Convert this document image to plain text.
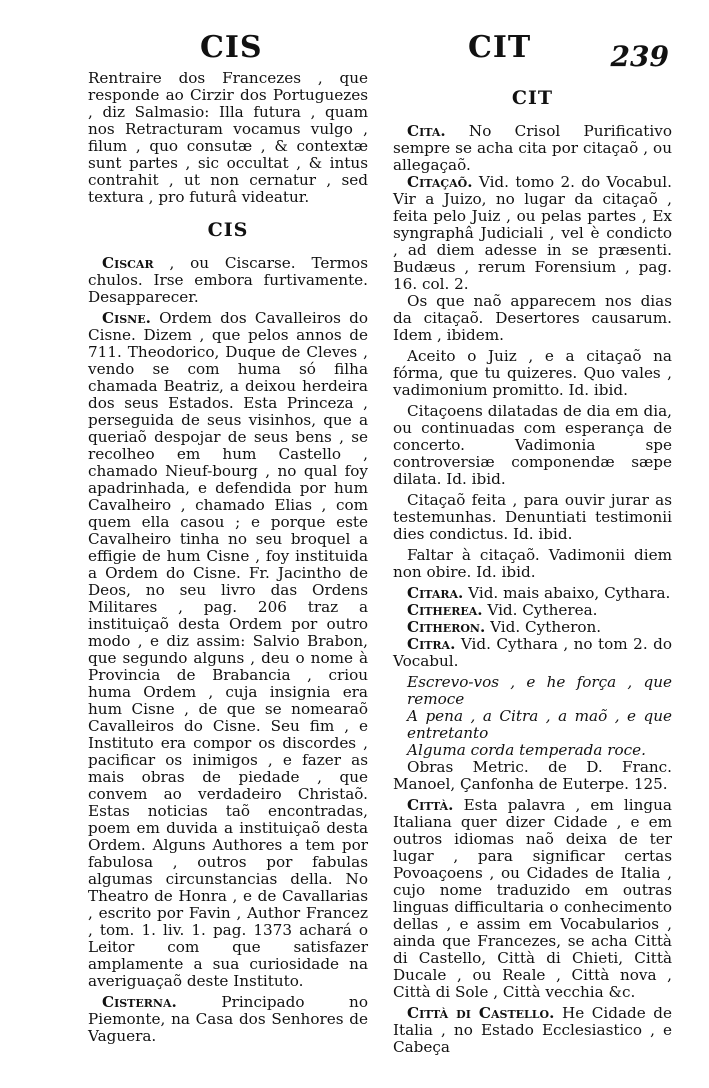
CIS	CIT	239

Rentraire dos Francezes , que responde ao Cirzir dos Portuguezes , diz Salmasio: Illa futura , quam nos Retracturam vocamus vulgo , filum , quo consutæ , & contextæ sunt partes , sic occultat , & intus contrahit , ut non cernatur , sed textura , pro futurâ videatur.

CIS

Ciscar , ou Ciscarse. Termos chulos. Irse embora furtivamente. Desapparecer.

Cisne. Ordem dos Cavalleiros do Cisne. Dizem , que pelos annos de 711. Theodorico, Duque de Cleves , vendo se com huma só filha chamada Beatriz, a deixou herdeira dos seus Estados. Esta Princeza , perseguida de seus visinhos, que a queriaõ despojar de seus bens , se recolheo em hum Castello , chamado Nieuf-bourg , no qual foy apadrinhada, e defendida por hum Cavalheiro , chamado Elias , com quem ella casou ; e porque este Cavalheiro tinha no seu broquel a effigie de hum Cisne , foy instituida a Ordem do Cisne. Fr. Jacintho de Deos, no seu livro das Ordens Militares , pag. 206 traz a instituiçaõ desta Ordem por outro modo , e diz assim: Salvio Brabon, que segundo alguns , deu o nome à Provincia de Brabancia , criou huma Ordem , cuja insignia era hum Cisne , de que se nomearaõ Cavalleiros do Cisne. Seu fim , e Instituto era compor os discordes , pacificar os inimigos , e fazer as mais obras de piedade , que convem ao verdadeiro Christaõ. Estas noticias taõ encontradas, poem em duvida a instituiçaõ desta Ordem. Alguns Authores a tem por fabulosa , outros por fabulas algumas circunstancias della. No Theatro de Honra , e de Cavallarias , escrito por Favin , Author Francez , tom. 1. liv. 1. pag. 1373 achará o Leitor com que satisfazer amplamente a sua curiosidade na averiguaçaõ deste Instituto.

Cisterna. Principado no Piemonte, na Casa dos Senhores de Vaguera.

CIT

Cita. No Crisol Purificativo sempre se acha cita por citaçaõ , ou allegaçaõ.

Citaçaõ. Vid. tomo 2. do Vocabul. Vir a Juizo, no lugar da citaçaõ , feita pelo Juiz , ou pelas partes , Ex syngraphâ Judiciali , vel è condicto , ad diem adesse in se præsenti. Budæus , rerum Forensium , pag. 16. col. 2.

Os que naõ apparecem nos dias da citaçaõ. Desertores causarum. Idem , ibidem.

Aceito o Juiz , e a citaçaõ na fórma, que tu quizeres. Quo vales , vadimonium promitto. Id. ibid.

Citaçoens dilatadas de dia em dia, ou continuadas com esperança de concerto. Vadimonia spe controversiæ componendæ sæpe dilata. Id. ibid.

Citaçaõ feita , para ouvir jurar as testemunhas. Denuntiati testimonii dies condictus. Id. ibid.

Faltar à citaçaõ. Vadimonii diem non obire. Id. ibid.

Citara. Vid. mais abaixo, Cythara.

Citherea. Vid. Cytherea.

Citheron. Vid. Cytheron.

Citra. Vid. Cythara , no tom 2. do Vocabul.

Escrevo-vos , e he força , que remoce

A pena , a Citra , a maõ , e que entretanto

Alguma corda temperada roce.

Obras Metric. de D. Franc. Manoel, Çanfonha de Euterpe. 125.

Città. Esta palavra , em lingua Italiana quer dizer Cidade , e em outros idiomas naõ deixa de ter lugar , para significar certas Povoaçoens , ou Cidades de Italia , cujo nome traduzido em outras linguas difficultaria o conhecimento dellas , e assim em Vocabularios , ainda que Francezes, se acha Città di Castello, Città di Chieti, Città Ducale , ou Reale , Città nova , Città di Sole , Città vecchia &c.

Città di Castello. He Cidade de Italia , no Estado Ecclesiastico , e Cabeça
